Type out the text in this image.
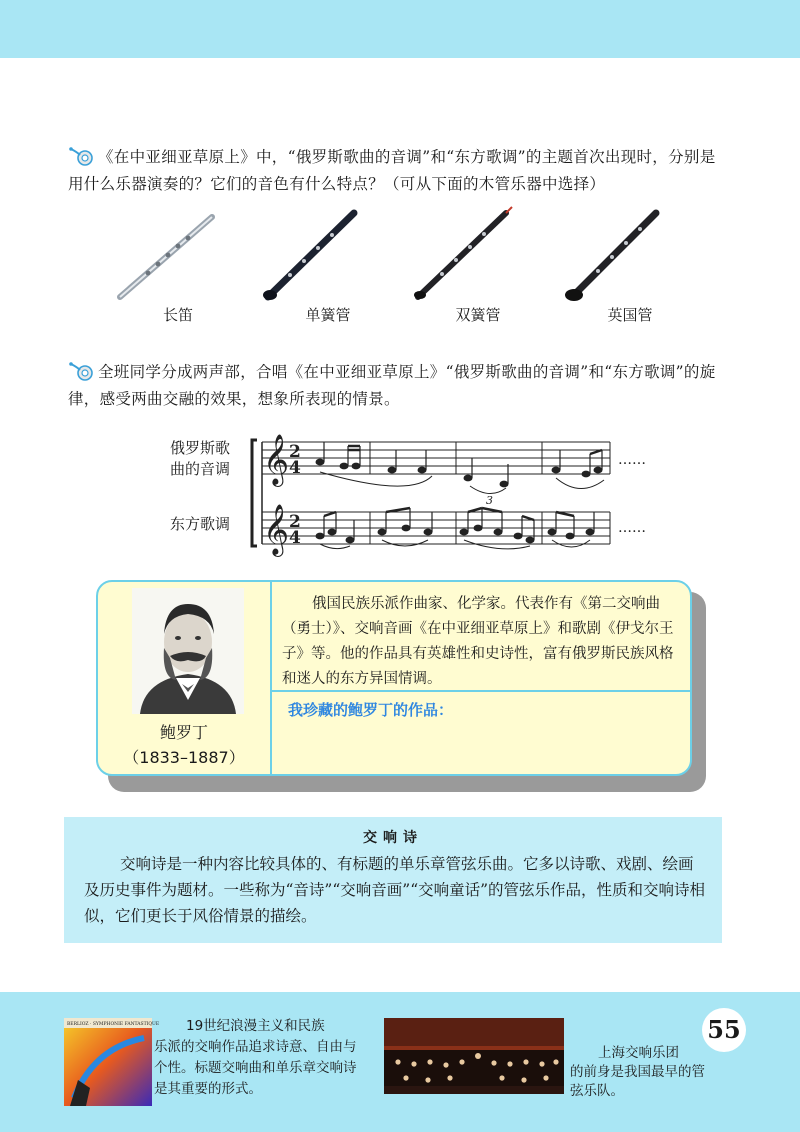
《在中亚细亚草原上》中，“俄罗斯歌曲的音调”和“东方歌调”的主题首次出现时，分别是用什么乐器演奏的？它们的音色有什么特点？（可从下面的木管乐器中选择）
长笛	单簧管	双簧管	英国管
全班同学分成两声部，合唱《在中亚细亚草原上》“俄罗斯歌曲的音调”和“东方歌调”的旋律，感受两曲交融的效果，想象所表现的情景。
俄罗斯歌
曲的音调
东方歌调
𝄞
𝄞
2
4
2
4
3
……
……
鲍罗丁
（1833–1887）
俄国民族乐派作曲家、化学家。代表作有《第二交响曲（勇士）》、交响音画《在中亚细亚草原上》和歌剧《伊戈尔王子》等。他的作品具有英雄性和史诗性，富有俄罗斯民族风格和迷人的东方异国情调。
我珍藏的鲍罗丁的作品：
交响诗
交响诗是一种内容比较具体的、有标题的单乐章管弦乐曲。它多以诗歌、戏剧、绘画及历史事件为题材。一些称为“音诗”“交响音画”“交响童话”的管弦乐作品，性质和交响诗相似，它们更长于风俗情景的描绘。
BERLIOZ · SYMPHONIE FANTASTIQUE	19世纪浪漫主义和民族
乐派的交响作品追求诗意、自由与个性。标题交响曲和单乐章交响诗是其重要的形式。
上海交响乐团
的前身是我国最早的管弦乐队。
55
